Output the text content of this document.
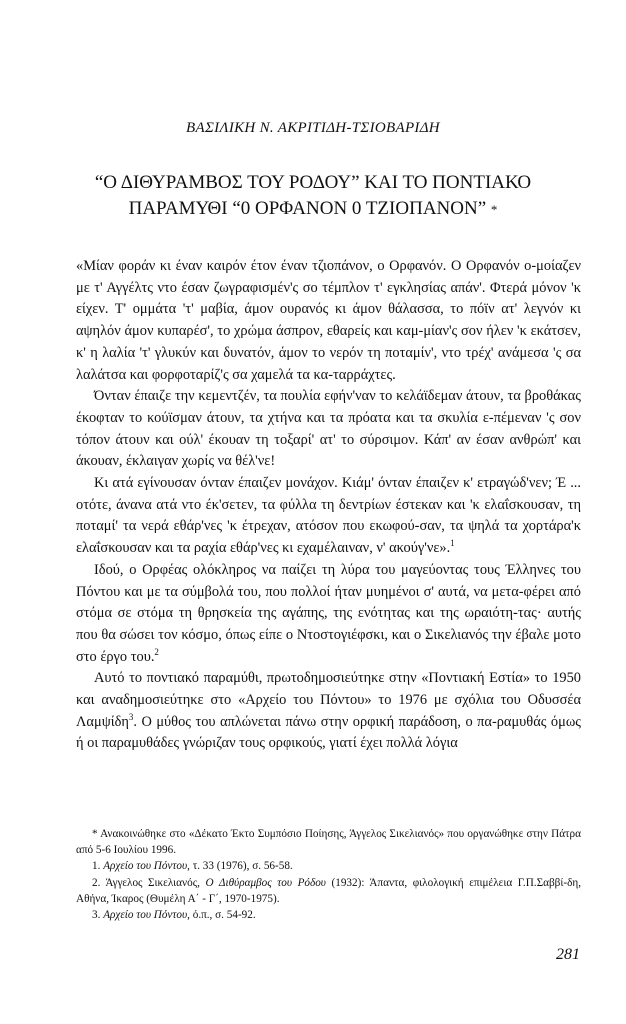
ΒΑΣΙΛΙΚΗ Ν. ΑΚΡΙΤΙΔΗ-ΤΣΙΟΒΑΡΙΔΗ
“Ο ΔΙΘΥΡΑΜΒΟΣ ΤΟΥ ΡΟΔΟΥ” ΚΑΙ ΤΟ ΠΟΝΤΙΑΚΟ
ΠΑΡΑΜΥΘΙ “0 ΟΡΦΑΝΟΝ 0 ΤΖΙΟΠΑΝΟΝ” *

«Μίαν φοράν κι έναν καιρόν έτον έναν τζιοπάνον, ο Ορφανόν. Ο Ορφανόν ο-μοίαζεν με τ' Αγγέλτς ντο έσαν ζωγραφισμέν'ς σο τέμπλον τ' εγκλησίας απάν'. Φτερά μόνον 'κ είχεν. Τ' ομμάτα 'τ' μαβία, άμον ουρανός κι άμον θάλασσα, το πόϊν ατ' λεγνόν κι αψηλόν άμον κυπαρέσ', το χρώμα άσπρον, εθαρείς και καμ-μίαν'ς σον ήλεν 'κ εκάτσεν, κ' η λαλία 'τ' γλυκύν και δυνατόν, άμον το νερόν τη ποταμίν', ντο τρέχ' ανάμεσα 'ς σα λαλάτσα και φορφοταρίζ'ς σα χαμελά τα κα-ταρράχτες.

Όνταν έπαιζε την κεμεντζέν, τα πουλία εφήν'ναν το κελάϊδεμαν άτουν, τα βροθάκας έκοφταν το κούϊσμαν άτουν, τα χτήνα και τα πρόατα και τα σκυλία ε-πέμεναν 'ς σον τόπον άτουν και ούλ' έκουαν τη τοξαρί' ατ' το σύρσιμον. Κάπ' αν έσαν ανθρώπ' και άκουαν, έκλαιγαν χωρίς να θέλ'νε!

Κι ατά εγίνουσαν όνταν έπαιζεν μονάχον. Κιάμ' όνταν έπαιζεν κ' ετραγώδ'νεν; Έ ... οτότε, άνανα ατά ντο έκ'σετεν, τα φύλλα τη δεντρίων έστεκαν και 'κ ελαΐσκουσαν, τη ποταμί' τα νερά εθάρ'νες 'κ έτρεχαν, ατόσον που εκωφού-σαν, τα ψηλά τα χορτάρα'κ ελαΐσκουσαν και τα ραχία εθάρ'νες κι εχαμέλαιναν, ν' ακούγ'νε».$^1$

Ιδού, ο Ορφέας ολόκληρος να παίζει τη λύρα του μαγεύοντας τους Έλληνες του Πόντου και με τα σύμβολά του, που πολλοί ήταν μυημένοι σ' αυτά, να μετα-φέρει από στόμα σε στόμα τη θρησκεία της αγάπης, της ενότητας και της ωραιότη-τας· αυτής που θα σώσει τον κόσμο, όπως είπε ο Ντοστογιέφσκι, και ο Σικελιανός την έβαλε μοτο στο έργο του.$^2$

Αυτό το ποντιακό παραμύθι, πρωτοδημοσιεύτηκε στην «Ποντιακή Εστία» το 1950 και αναδημοσιεύτηκε στο «Αρχείο του Πόντου» το 1976 με σχόλια του Οδυσσέα Λαμψίδη$^3$. Ο μύθος του απλώνεται πάνω στην ορφική παράδοση, ο πα-ραμυθάς όμως ή οι παραμυθάδες γνώριζαν τους ορφικούς, γιατί έχει πολλά λόγια

* Ανακοινώθηκε στο «Δέκατο Έκτο Συμπόσιο Ποίησης, Άγγελος Σικελιανός» που οργανώθηκε στην Πάτρα από 5-6 Ιουλίου 1996.

1. Αρχείο του Πόντου, τ. 33 (1976), σ. 56-58.

2. Άγγελος Σικελιανός, Ο Διθύραμβος του Ρόδου (1932): Άπαντα, φιλολογική επιμέλεια Γ.Π.Σαββί-δη, Αθήνα, Ίκαρος (Θυμέλη Α΄ - Γ΄, 1970-1975).

3. Αρχείο του Πόντου, ό.π., σ. 54-92.

281
